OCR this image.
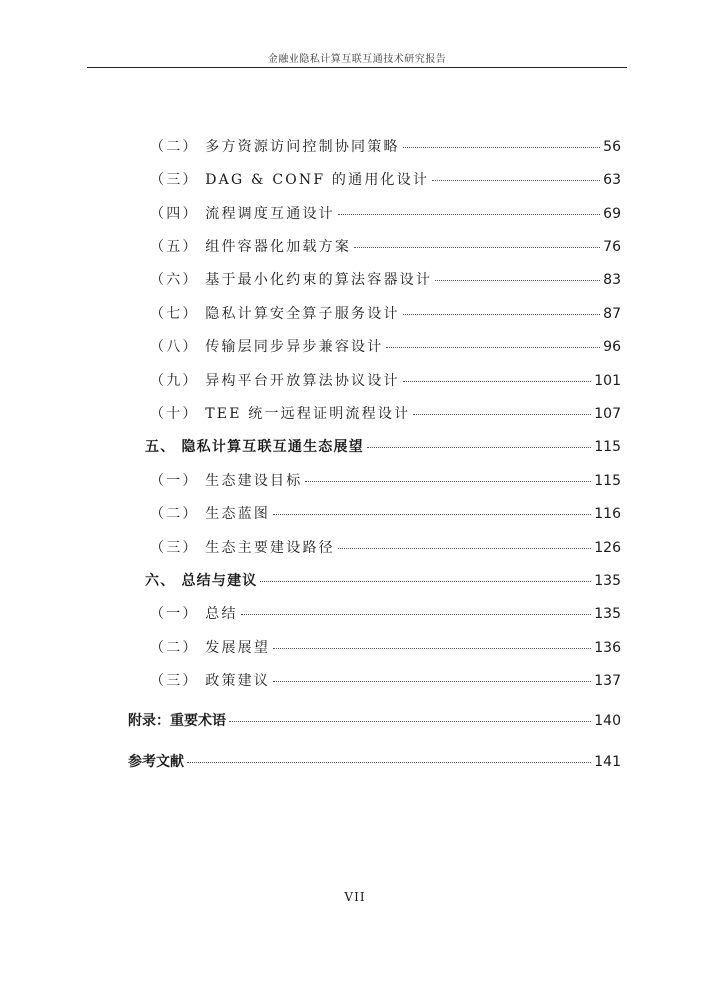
金融业隐私计算互联互通技术研究报告
（二） 多方资源访问控制协同策略	56
（三） DAG & CONF 的通用化设计	63
（四） 流程调度互通设计	69
（五） 组件容器化加载方案	76
（六） 基于最小化约束的算法容器设计	83
（七） 隐私计算安全算子服务设计	87
（八） 传输层同步异步兼容设计	96
（九） 异构平台开放算法协议设计	101
（十） TEE 统一远程证明流程设计	107
五、 隐私计算互联互通生态展望	115
（一） 生态建设目标	115
（二） 生态蓝图	116
（三） 生态主要建设路径	126
六、 总结与建议	135
（一） 总结	135
（二） 发展展望	136
（三） 政策建议	137
附录：重要术语	140
参考文献	141
VII
